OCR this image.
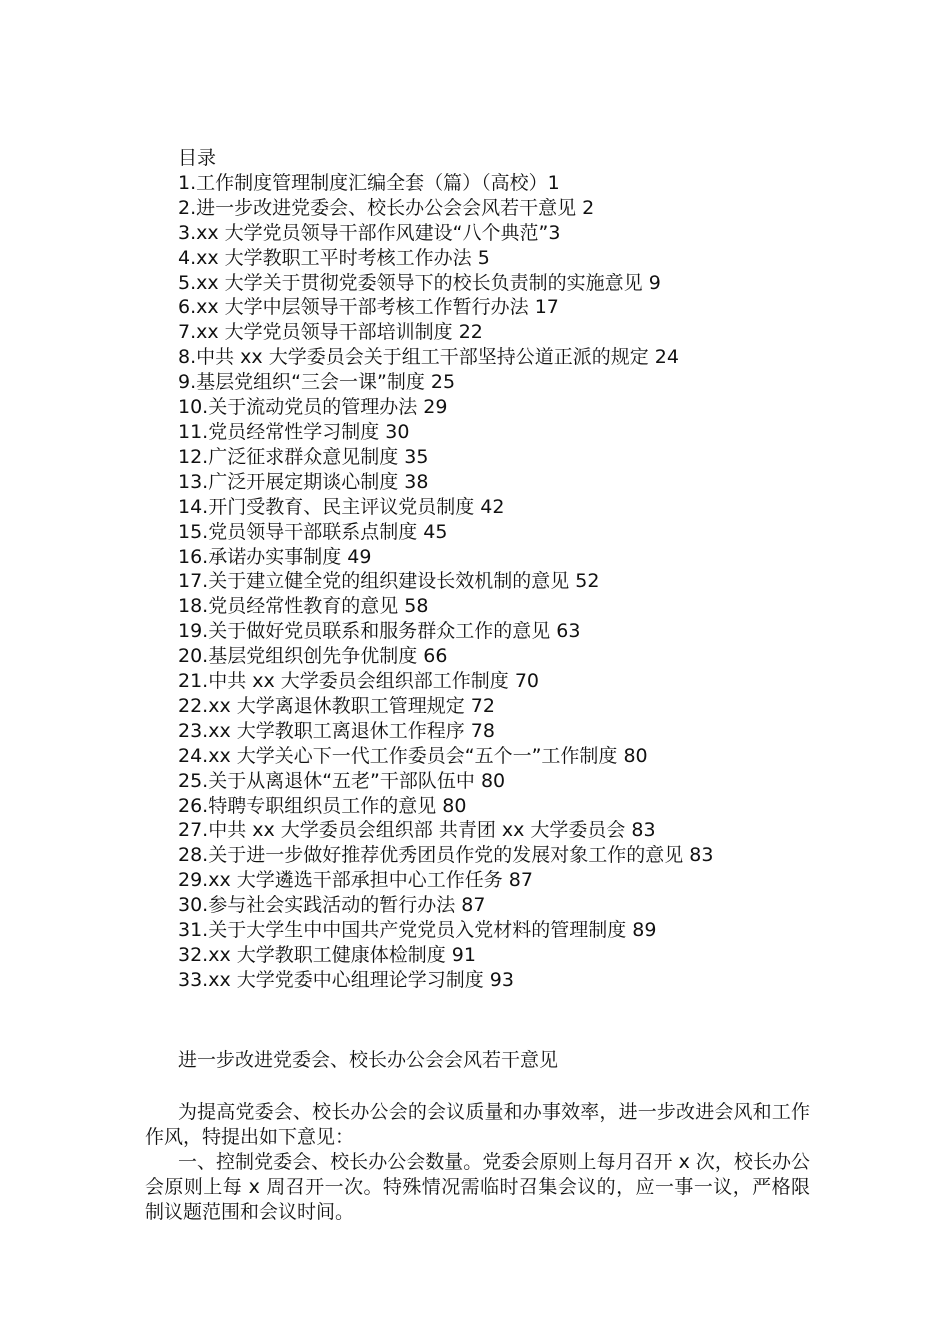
目录
1.工作制度管理制度汇编全套（篇）（高校）1
2.进一步改进党委会、校长办公会会风若干意见 2
3.xx 大学党员领导干部作风建设“八个典范”3
4.xx 大学教职工平时考核工作办法 5
5.xx 大学关于贯彻党委领导下的校长负责制的实施意见 9
6.xx 大学中层领导干部考核工作暂行办法 17
7.xx 大学党员领导干部培训制度 22
8.中共 xx 大学委员会关于组工干部坚持公道正派的规定 24
9.基层党组织“三会一课”制度 25
10.关于流动党员的管理办法 29
11.党员经常性学习制度 30
12.广泛征求群众意见制度 35
13.广泛开展定期谈心制度 38
14.开门受教育、民主评议党员制度 42
15.党员领导干部联系点制度 45
16.承诺办实事制度 49
17.关于建立健全党的组织建设长效机制的意见 52
18.党员经常性教育的意见 58
19.关于做好党员联系和服务群众工作的意见 63
20.基层党组织创先争优制度 66
21.中共 xx 大学委员会组织部工作制度 70
22.xx 大学离退休教职工管理规定 72
23.xx 大学教职工离退休工作程序 78
24.xx 大学关心下一代工作委员会“五个一”工作制度 80
25.关于从离退休“五老”干部队伍中 80
26.特聘专职组织员工作的意见 80
27.中共 xx 大学委员会组织部 共青团 xx 大学委员会 83
28.关于进一步做好推荐优秀团员作党的发展对象工作的意见 83
29.xx 大学遴选干部承担中心工作任务 87
30.参与社会实践活动的暂行办法 87
31.关于大学生中中国共产党党员入党材料的管理制度 89
32.xx 大学教职工健康体检制度 91
33.xx 大学党委中心组理论学习制度 93
进一步改进党委会、校长办公会会风若干意见

为提高党委会、校长办公会的会议质量和办事效率，进一步改进会风和工作作风，特提出如下意见：

一、控制党委会、校长办公会数量。党委会原则上每月召开 x 次，校长办公会原则上每 x 周召开一次。特殊情况需临时召集会议的，应一事一议，严格限制议题范围和会议时间。
